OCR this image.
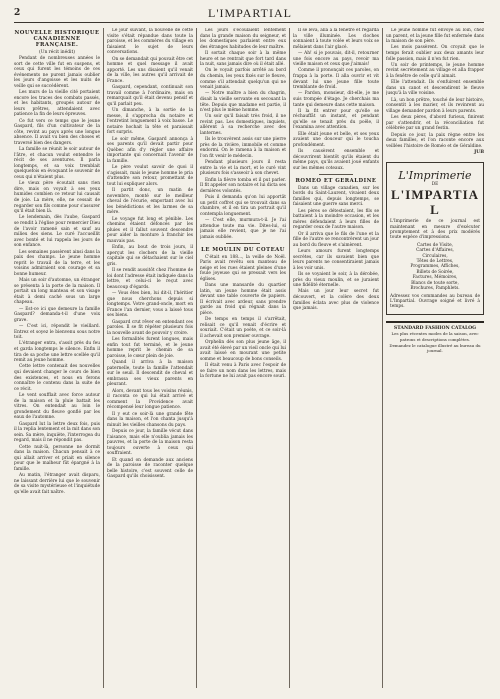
2	L'IMPARTIAL
NOUVELLE HISTORIQUE CANADIENNE FRANÇAISE.
(Un récit inédit)

Pendant de nombreuses années le sort de cette ville fut en suspens, et ceux qui furent les témoins de ces événements ne purent jamais oublier les jours d'angoisse et les nuits de veille qui se succédèrent.

Les murs de la vieille cité portaient encore les traces des combats passés, et les habitants, groupés autour de leurs prêtres, attendaient avec patience la fin de leurs épreuves.

Ce fut vers ce temps que le jeune Gaspard, fils d'un cultivateur de la côte, revint au pays après une longue absence. Il avait vu bien des choses et traversé bien des dangers.

La famille se réunit le soir autour de l'âtre, et chacun voulut entendre le récit de ses aventures. Il parla longtemps, et sa voix tremblait quelquefois en évoquant le souvenir de ceux qui n'étaient plus.

Le vieux père écoutait sans rien dire, mais on voyait à ses yeux humides combien ce retour lui causait de joie. La mère, elle, ne cessait de regarder son fils comme pour s'assurer qu'il était bien là.

Le lendemain, dès l'aube, Gaspard se rendit à l'église pour remercier Dieu de l'avoir ramené sain et sauf au milieu des siens. Le curé l'accueillit avec bonté et lui rappela les jours de son enfance.

Les semaines passèrent ainsi dans la paix des champs. Le jeune homme reprit le travail de la terre, et les voisins admiraient son courage et sa bonne humeur.

Mais un soir d'automne, un étranger se présenta à la porte de la maison. Il portait un long manteau et son visage était à demi caché sous un large chapeau.

— Est-ce ici que demeure la famille Gaspard? demanda-t-il d'une voix grave.

— C'est ici, répondit le vieillard. Entrez et soyez le bienvenu sous notre toit.

L'étranger entra, s'assit près du feu et garda longtemps le silence. Enfin il tira de sa poche une lettre scellée qu'il remit au jeune homme.

Cette lettre contenait des nouvelles qui devaient changer le cours de bien des existences, et nous en ferons connaître le contenu dans la suite de ce récit.

Le vent soufflait avec force autour de la maison et la pluie battait les vitres. On entendait au loin le grondement du fleuve gonflé par les eaux de l'automne.

Gaspard lut la lettre deux fois, puis il la replia lentement et la mit dans son sein. Sa mère, inquiète, l'interrogea du regard, mais il ne répondit pas.

Cette nuit-là, personne ne dormit dans la maison. Chacun pensait à ce qui allait arriver et priait en silence pour que le malheur fût épargné à la famille.

Au matin, l'étranger avait disparu, ne laissant derrière lui que le souvenir de sa visite mystérieuse et l'inquiétude qu'elle avait fait naître.

Le jour suivant, la nouvelle de cette visite s'était répandue dans toute la paroisse, et les commères du village en faisaient le sujet de leurs conversations.

On se demandait qui pouvait être cet homme et quel message il avait apporté. Les uns disaient qu'il venait de la ville, les autres qu'il arrivait de France.

Gaspard, cependant, continuait son travail comme à l'ordinaire, mais on remarquait qu'il était devenu pensif et qu'il parlait peu.

Un dimanche, à la sortie de la messe, il s'approcha du notaire et l'entretint longuement à voix basse. Le notaire hochait la tête et paraissait fort surpris.

Le soir même, Gaspard annonça à ses parents qu'il devait partir pour Québec afin d'y régler une affaire importante qui concernait l'avenir de la famille.

Le père voulut savoir de quoi il s'agissait, mais le jeune homme le pria d'attendre son retour, promettant de tout lui expliquer alors.

Il partit donc, un matin de novembre, monté sur le meilleur cheval de l'écurie, emportant avec lui les bénédictions et les larmes de sa mère.

Le voyage fut long et pénible. Les chemins étaient défoncés par les pluies et il fallut souvent descendre pour aider la monture à franchir les mauvais pas.

Enfin, au bout de trois jours, il aperçut les clochers de la vieille capitale qui se détachaient sur le ciel gris.

Il se rendit aussitôt chez l'homme de loi dont l'adresse était indiquée dans la lettre, et celui-ci le reçut avec beaucoup d'égards.

— Vous êtes bien, lui dit-il, l'héritier que nous cherchons depuis si longtemps. Votre grand-oncle, mort en France l'an dernier, vous a laissé tous ses biens.

Gaspard crut rêver en entendant ces paroles. Il se fit répéter plusieurs fois la nouvelle avant de pouvoir y croire.

Les formalités furent longues, mais enfin tout fut terminé, et le jeune homme reprit le chemin de sa paroisse, le cœur plein de joie.

Quand il arriva à la maison paternelle, toute la famille l'attendait sur le seuil. Il descendit de cheval et embrassa ses vieux parents en pleurant.

Alors, devant tous les voisins réunis, il raconta ce qui lui était arrivé et comment la Providence avait récompensé leur longue patience.

Il y eut ce soir-là une grande fête dans la maison, et l'on chanta jusqu'à minuit les vieilles chansons du pays.

Depuis ce jour, la famille vécut dans l'aisance, mais elle n'oublia jamais les pauvres, et la porte de la maison resta toujours ouverte à ceux qui souffraient.

Et quand on demande aux anciens de la paroisse de raconter quelque belle histoire, c'est souvent celle de Gaspard qu'ils choisissent.

Les jours s'écoulaient lentement dans la grande maison du seigneur, et les domestiques parlaient entre eux des étranges habitudes de leur maître.

Il sortait chaque soir à la même heure et ne rentrait que fort tard dans la nuit, sans jamais dire où il était allé.

On le voyait parfois arrêté au bord du chemin, les yeux fixés sur le fleuve, comme s'il attendait quelqu'un qui ne venait jamais.

— Notre maître a bien du chagrin, disait la vieille servante en secouant la tête. Depuis que madame est partie, il n'est plus le même homme.

Un soir qu'il faisait très froid, il ne revint pas. Les domestiques, inquiets, allèrent à sa recherche avec des lanternes.

Ils le trouvèrent assis sur une pierre près de la rivière, immobile et comme endormi. On le ramena à la maison et l'on fit venir le médecin.

Pendant plusieurs jours il resta entre la vie et la mort, et le curé vint plusieurs fois s'asseoir à son chevet.

Enfin la fièvre tomba et il put parler. Il fit appeler son notaire et lui dicta ses dernières volontés.

Puis il demanda qu'on lui apportât un petit coffret qui se trouvait dans sa chambre, et il en tira un portrait qu'il contempla longuement.

— C'est elle, murmura-t-il. Je l'ai attendue toute ma vie. Dites-lui, si jamais elle revient, que je ne l'ai jamais oubliée.

LE MOULIN DU COTEAU

C'était en 188..., la veille de Noël. Paris avait revêtu son manteau de neige et les rues étaient pleines d'une foule joyeuse qui se pressait vers les églises.

Dans une mansarde du quartier latin, un jeune homme était assis devant une table couverte de papiers. Il écrivait avec ardeur, sans prendre garde au froid qui régnait dans la pièce.

De temps en temps il s'arrêtait, relisait ce qu'il venait d'écrire et souriait. C'était un poète, et ce soir-là il achevait son premier ouvrage.

Orphelin dès son plus jeune âge, il avait été élevé par un vieil oncle qui lui avait laissé en mourant une petite somme et beaucoup de bons conseils.

Il était venu à Paris avec l'espoir de se faire un nom dans les lettres, mais la fortune ne lui avait pas encore souri.

Il se leva, alla à la fenêtre et regarda la ville illuminée. Les cloches sonnaient à toute volée et leurs voix se mêlaient dans l'air glacé.

— Ah! si je pouvais, dit-il, retourner une fois encore au pays, revoir ma vieille maison et ceux que j'aimais!

Comme il prononçait ces paroles, on frappa à la porte. Il alla ouvrir et vit devant lui une jeune fille toute tremblante de froid.

— Pardon, monsieur, dit-elle, je me suis trompée d'étage. Je cherchais ma tante qui demeure dans cette maison.

Il la fit entrer pour qu'elle se réchauffât un instant, et pendant qu'elle se tenait près du poêle, il l'examina avec attention.

Elle était jeune et belle, et ses yeux avaient une douceur qui le toucha profondément.

Ils causèrent ensemble et découvrirent bientôt qu'ils étaient du même pays, qu'ils avaient joué enfants sur les mêmes coteaux.

ROMEO ET GERALDINE

Dans un village canadien, sur les bords du Saint-Laurent, vivaient deux familles qui, depuis longtemps, se faisaient une guerre sans merci.

Les pères se détestaient, les fils se battaient à la moindre occasion, et les mères défendaient à leurs filles de regarder ceux de l'autre maison.

Or il arriva que le fils de l'une et la fille de l'autre se rencontrèrent un jour au bord du fleuve et s'aimèrent.

Leurs amours furent longtemps secrètes, car ils savaient bien que leurs parents ne consentiraient jamais à les voir unis.

Ils se voyaient le soir, à la dérobée, près du vieux moulin, et se juraient une fidélité éternelle.

Mais un jour leur secret fut découvert, et la colère des deux familles éclata avec plus de violence que jamais.

Le jeune homme fut envoyé au loin, chez un parent, et la jeune fille fut enfermée dans la maison de son père.

Les mois passèrent. On croyait que le temps ferait oublier aux deux amants leur folle passion, mais il n'en fut rien.

Un soir de printemps, le jeune homme revint secrètement au village et alla frapper à la fenêtre de celle qu'il aimait.

Elle l'attendait. Ils s'enfuirent ensemble dans un canot et descendirent le fleuve jusqu'à la ville voisine.

Là, un bon prêtre, touché de leur histoire, consentit à les marier, et ils revinrent au village demander pardon à leurs parents.

Les deux pères, d'abord furieux, finirent par s'attendrir, et la réconciliation fut célébrée par un grand festin.

Depuis ce jour, la paix règne entre les deux familles, et l'on raconte encore aux veillées l'histoire de Roméo et de Géraldine.

JUB
L'Imprimerie
DE
L'IMPARTIAL
L'Imprimerie de ce journal est maintenant en mesure d'exécuter promptement et à des prix modérés toute espèce d'impressions.
Cartes de Visite,
Cartes d'Affaires,
Circulaires,
Têtes de Lettres,
Programmes, Affiches,
Billets de Soirée,
Factures, Mémoires,
Blancs de toute sorte,
Brochures, Pamphlets.
Adressez vos commandes au bureau de L'Impartial. Ouvrage soigné et livré à temps.
STANDARD FASHION CATALOG
Les plus récentes modes de la saison, avec patrons et descriptions complètes.
Demandez le catalogue illustré au bureau du journal.
